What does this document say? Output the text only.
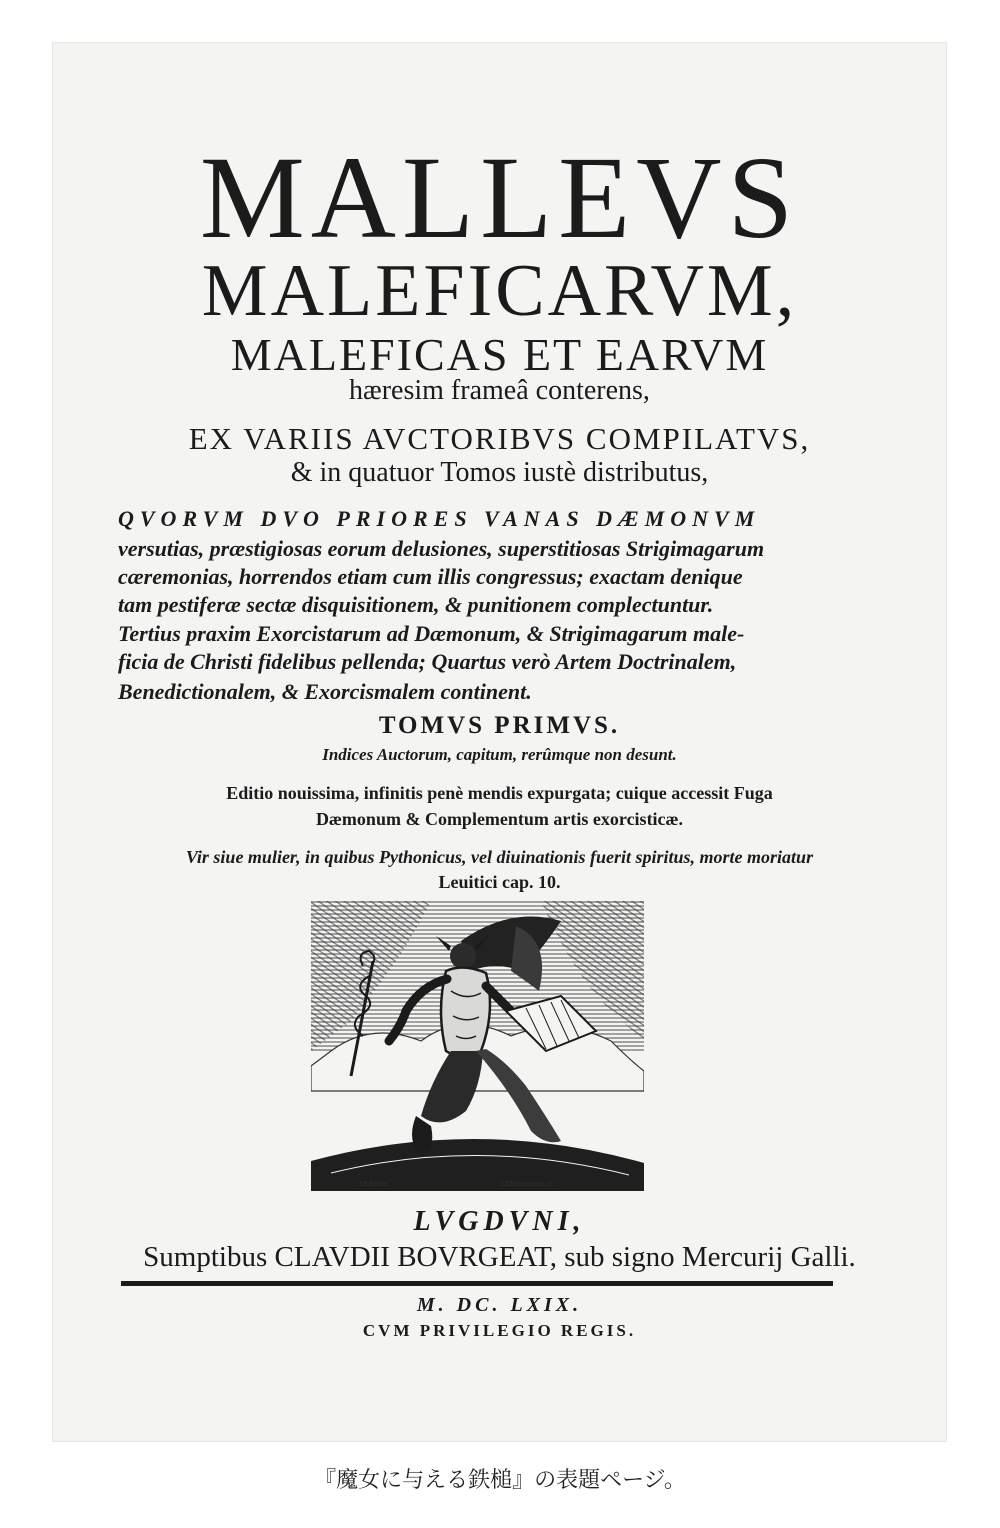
MALLEVS
MALEFICARVM,
MALEFICAS ET EARVM
hæresim frameâ conterens,
EX VARIIS AVCTORIBVS COMPILATVS,
& in quatuor Tomos iustè distributus,
QVORVM DVO PRIORES VANAS DÆMONVM
versutias, præstigiosas eorum delusiones, superstitiosas Strigimagarum
cæremonias, horrendos etiam cum illis congressus; exactam denique
tam pestiferæ sectæ disquisitionem, & punitionem complectuntur.
Tertius praxim Exorcistarum ad Dæmonum, & Strigimagarum male-
ficia de Christi fidelibus pellenda; Quartus verò Artem Doctrinalem,
Benedictionalem, & Exorcismalem continent.
TOMVS PRIMVS.
Indices Auctorum, capitum, rerûmque non desunt.
Editio nouissima, infinitis penè mendis expurgata; cuique accessit Fuga
Dæmonum & Complementum artis exorcisticæ.
Vir siue mulier, in quibus Pythonicus, vel diuinationis fuerit spiritus, morte moriatur
Leuitici cap. 10.
I.P.Aurrin	I.I.Thourneyser. fe.
LVGDVNI,
Sumptibus CLAVDII BOVRGEAT, sub signo Mercurij Galli.
M. DC. LXIX.
CVM PRIVILEGIO REGIS.
『魔女に与える鉄槌』の表題ページ。
